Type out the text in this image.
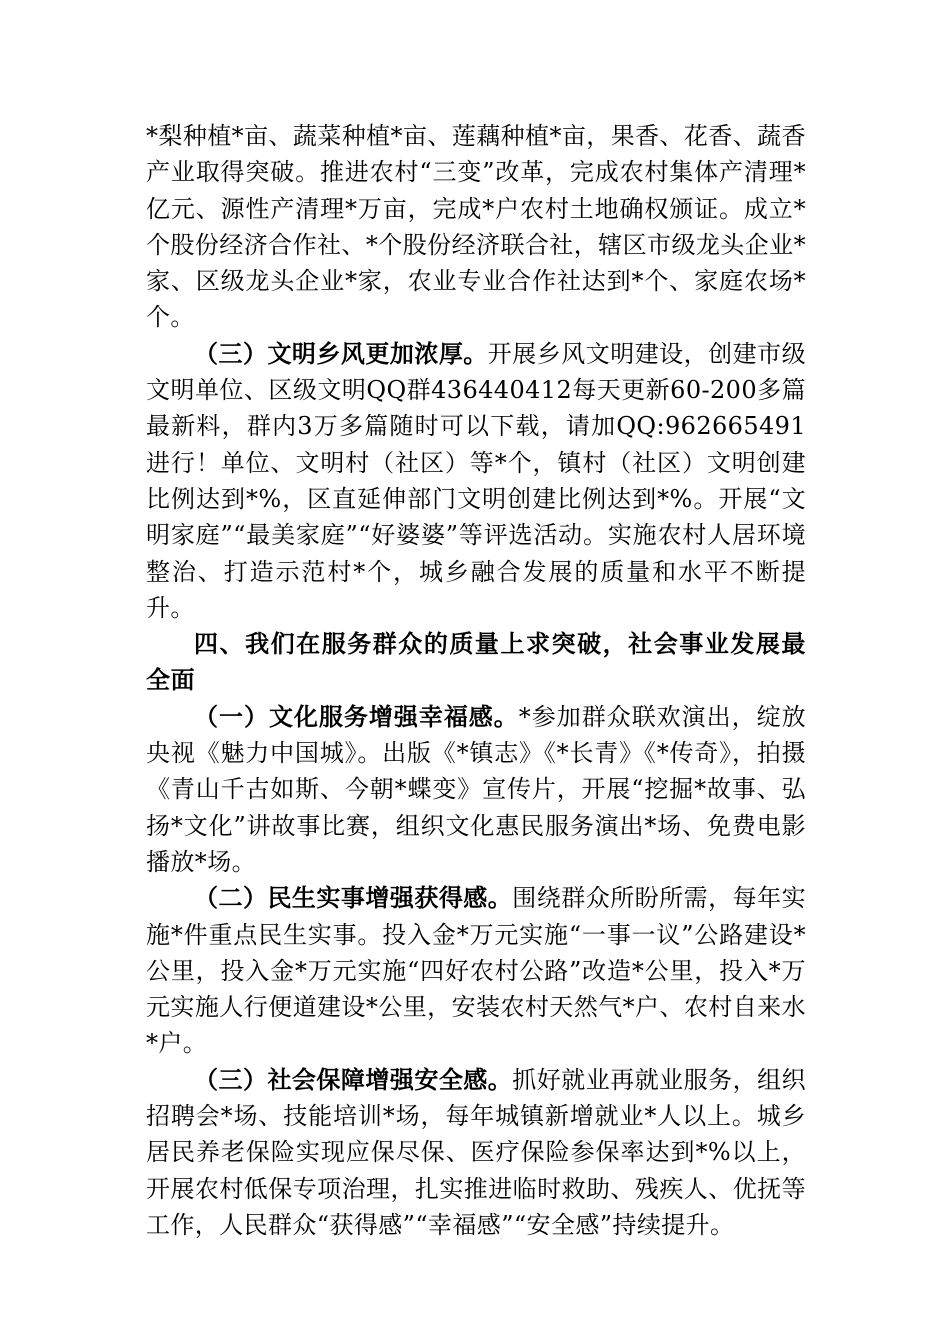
*梨种植*亩、蔬菜种植*亩、莲藕种植*亩，果香、花香、蔬香产业取得突破。推进农村“三变”改革，完成农村集体产清理*亿元、源性产清理*万亩，完成*户农村土地确权颁证。成立*个股份经济合作社、*个股份经济联合社，辖区市级龙头企业*家、区级龙头企业*家，农业专业合作社达到*个、家庭农场*个。

（三）文明乡风更加浓厚。开展乡风文明建设，创建市级文明单位、区级文明QQ群436440412每天更新60-200多篇最新料，群内3万多篇随时可以下载，请加QQ:962665491进行！单位、文明村（社区）等*个，镇村（社区）文明创建比例达到*%，区直延伸部门文明创建比例达到*%。开展“文明家庭”“最美家庭”“好婆婆”等评选活动。实施农村人居环境整治、打造示范村*个，城乡融合发展的质量和水平不断提升。

四、我们在服务群众的质量上求突破，社会事业发展最全面

（一）文化服务增强幸福感。*参加群众联欢演出，绽放央视《魅力中国城》。出版《*镇志》《*长青》《*传奇》，拍摄《青山千古如斯、今朝*蝶变》宣传片，开展“挖掘*故事、弘扬*文化”讲故事比赛，组织文化惠民服务演出*场、免费电影播放*场。

（二）民生实事增强获得感。围绕群众所盼所需，每年实施*件重点民生实事。投入金*万元实施“一事一议”公路建设*公里，投入金*万元实施“四好农村公路”改造*公里，投入*万元实施人行便道建设*公里，安装农村天然气*户、农村自来水*户。

（三）社会保障增强安全感。抓好就业再就业服务，组织招聘会*场、技能培训*场，每年城镇新增就业*人以上。城乡居民养老保险实现应保尽保、医疗保险参保率达到*%以上，开展农村低保专项治理，扎实推进临时救助、残疾人、优抚等工作，人民群众“获得感”“幸福感”“安全感”持续提升。
